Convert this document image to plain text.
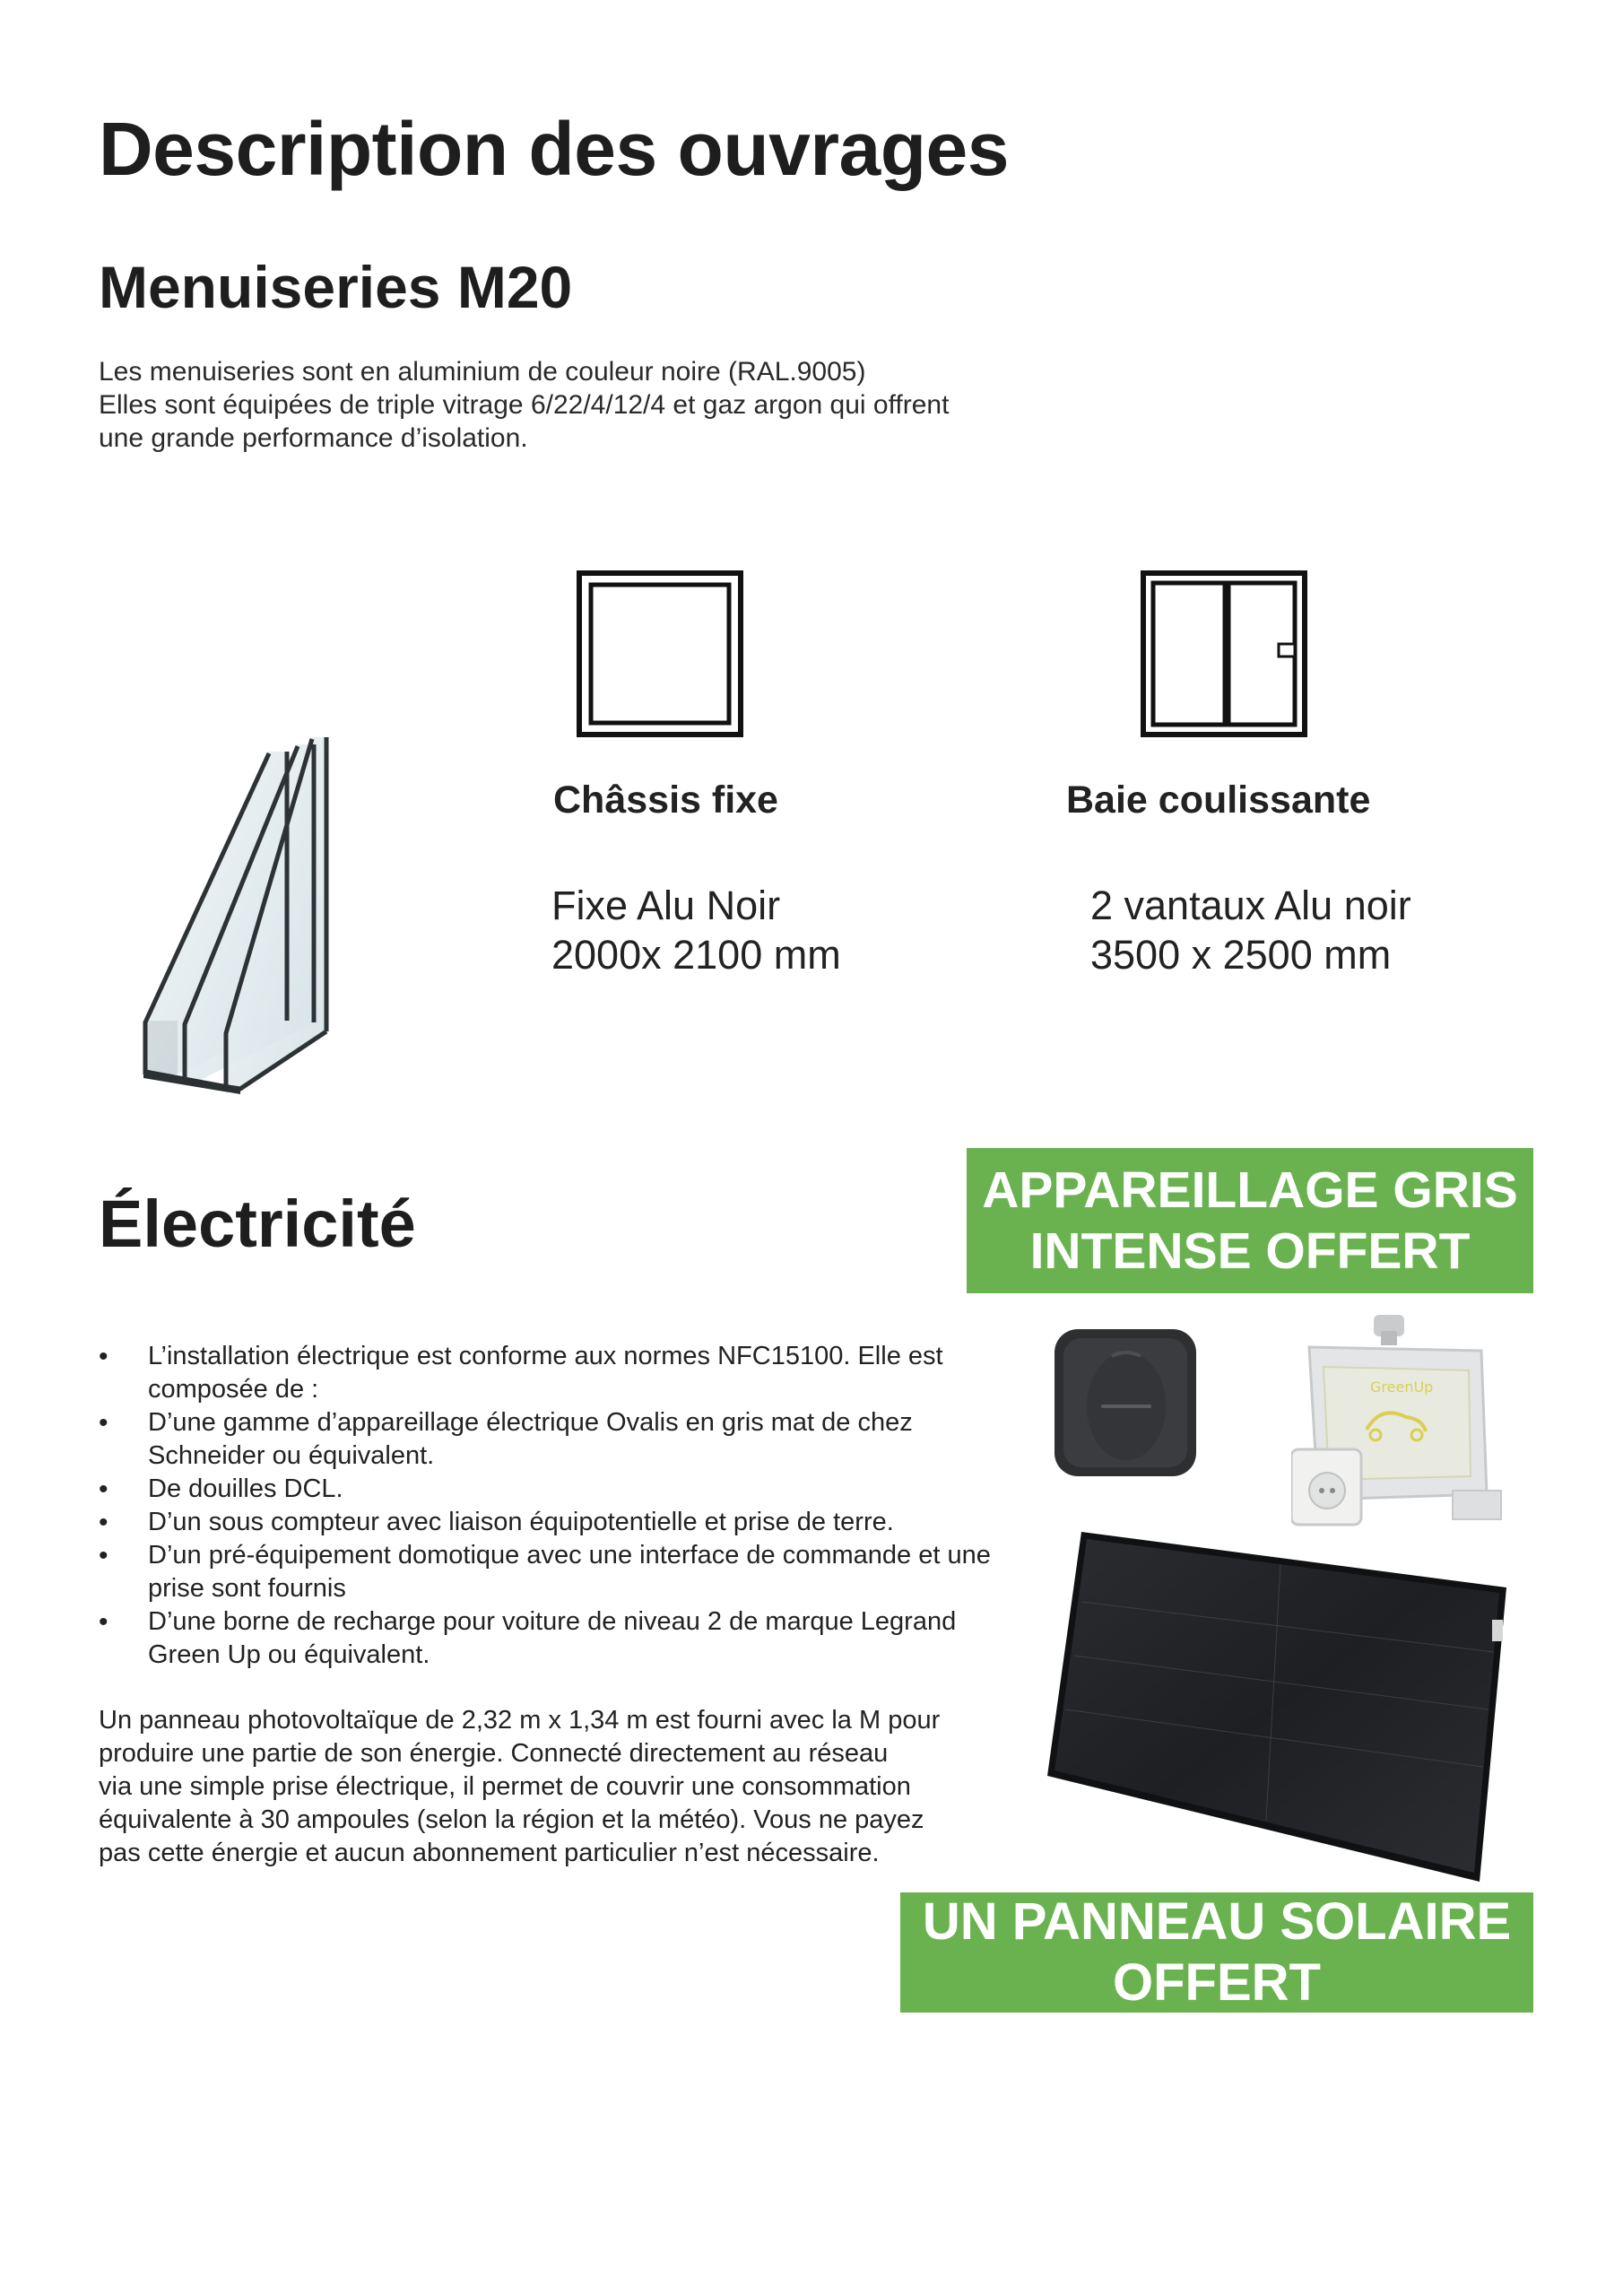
Description des ouvrages
Menuiseries M20
Les menuiseries sont en aluminium de couleur noire (RAL.9005)
Elles sont équipées de triple vitrage 6/22/4/12/4 et gaz argon qui offrent
une grande performance d’isolation.
Châssis fixe	Baie coulissante
Fixe Alu Noir
2000x 2100 mm
2 vantaux Alu noir
3500 x 2500 mm
Électricité	APPAREILLAGE GRIS
INTENSE OFFERT
• L’installation électrique est conforme aux normes NFC15100. Elle est composée de :
• D’une gamme d’appareillage électrique Ovalis en gris mat de chez Schneider ou équivalent.
• De douilles DCL.
• D’un sous compteur avec liaison équipotentielle et prise de terre.
• D’un pré-équipement domotique avec une interface de commande et une prise sont fournis
• D’une borne de recharge pour voiture de niveau 2 de marque Legrand Green Up ou équivalent.
Un panneau photovoltaïque de 2,32 m x 1,34 m est fourni avec la M pour
produire une partie de son énergie. Connecté directement au réseau
via une simple prise électrique, il permet de couvrir une consommation
équivalente à 30 ampoules (selon la région et la météo). Vous ne payez
pas cette énergie et aucun abonnement particulier n’est nécessaire.
GreenUp
UN PANNEAU SOLAIRE
OFFERT
